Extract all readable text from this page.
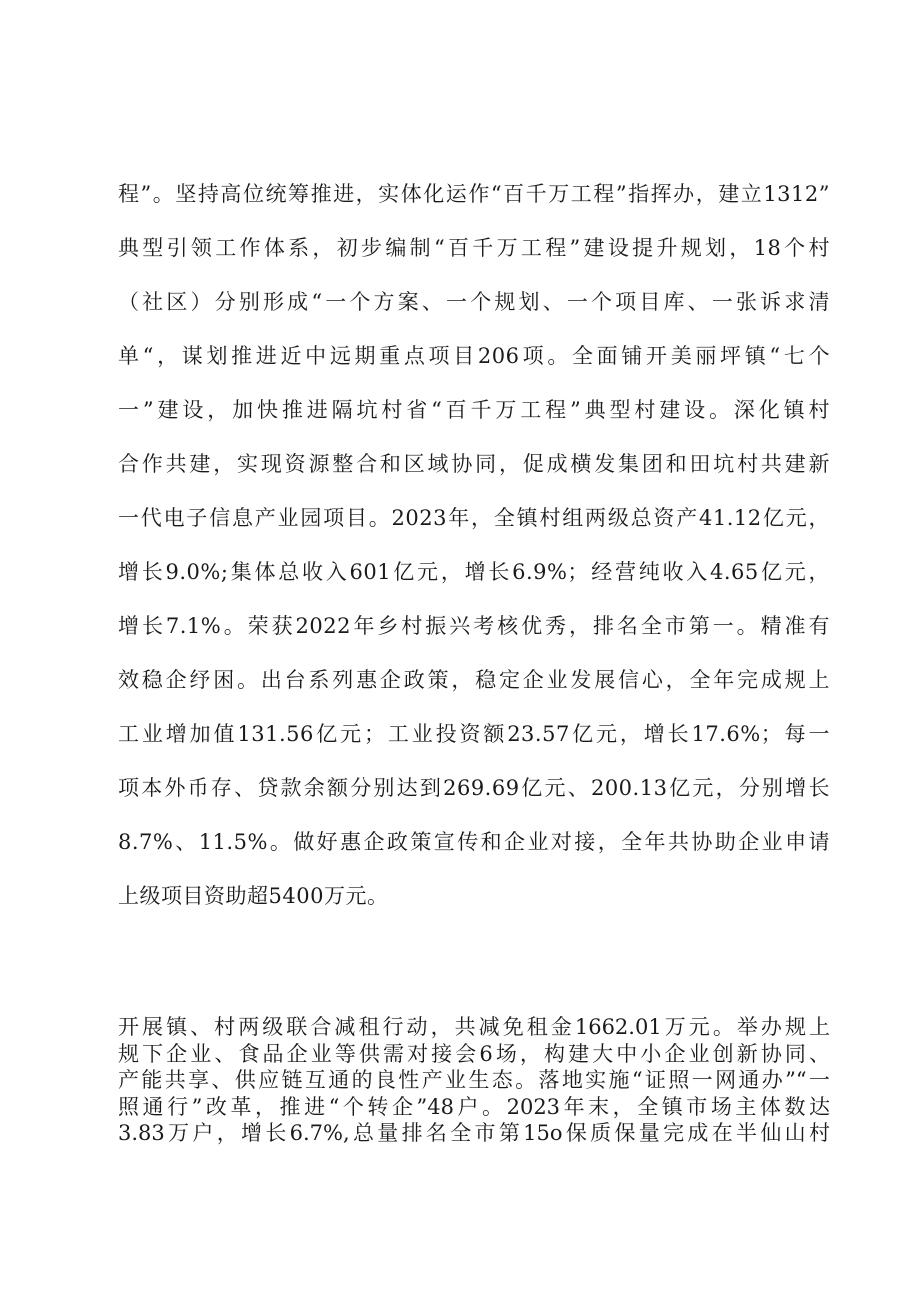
程”。坚持高位统筹推进，实体化运作“百千万工程”指挥办，建立1312”
典型引领工作体系，初步编制“百千万工程”建设提升规划，18个村
（社区）分别形成“一个方案、一个规划、一个项目库、一张诉求清
单“，谋划推进近中远期重点项目206项。全面铺开美丽坪镇“七个
一”建设，加快推进隔坑村省“百千万工程”典型村建设。深化镇村
合作共建，实现资源整合和区域协同，促成横发集团和田坑村共建新
一代电子信息产业园项目。2023年，全镇村组两级总资产41.12亿元，
增长9.0%;集体总收入601亿元，增长6.9%；经营纯收入4.65亿元，
增长7.1%。荣获2022年乡村振兴考核优秀，排名全市第一。精准有
效稳企纾困。出台系列惠企政策，稳定企业发展信心，全年完成规上
工业增加值131.56亿元；工业投资额23.57亿元，增长17.6%；每一
项本外币存、贷款余额分别达到269.69亿元、200.13亿元，分别增长
8.7%、11.5%。做好惠企政策宣传和企业对接，全年共协助企业申请
上级项目资助超5400万元。
开展镇、村两级联合减租行动，共减免租金1662.01万元。举办规上
规下企业、食品企业等供需对接会6场，构建大中小企业创新协同、
产能共享、供应链互通的良性产业生态。落地实施“证照一网通办”“一
照通行”改革，推进“个转企”48户。2023年末，全镇市场主体数达
3.83万户，增长6.7%,总量排名全市第15o保质保量完成在半仙山村
